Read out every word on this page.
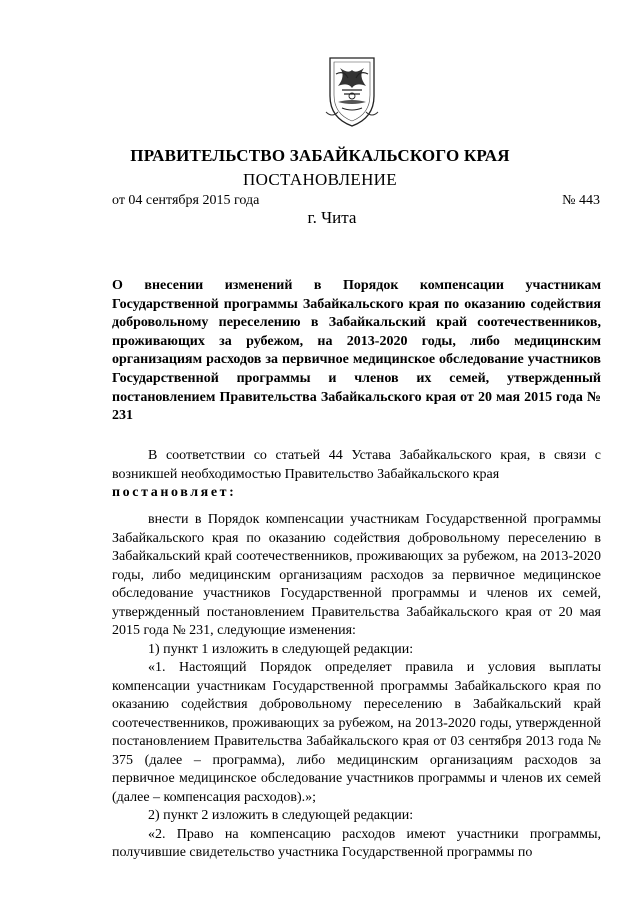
ПРАВИТЕЛЬСТВО ЗАБАЙКАЛЬСКОГО КРАЯ
ПОСТАНОВЛЕНИЕ
от 04 сентября 2015 года	№ 443
г. Чита
О внесении изменений в Порядок компенсации участникам Государственной программы Забайкальского края по оказанию содействия добровольному переселению в Забайкальский край соотечественников, проживающих за рубежом, на 2013-2020 годы, либо медицинским организациям расходов за первичное медицинское обследование участников Государственной программы и членов их семей, утвержденный постановлением Правительства Забайкальского края от 20 мая 2015 года № 231

В соответствии со статьей 44 Устава Забайкальского края, в связи с возникшей необходимостью Правительство Забайкальского края
постановляет:

внести в Порядок компенсации участникам Государственной программы Забайкальского края по оказанию содействия добровольному переселению в Забайкальский край соотечественников, проживающих за рубежом, на 2013-2020 годы, либо медицинским организациям расходов за первичное медицинское обследование участников Государственной программы и членов их семей, утвержденный постановлением Правительства Забайкальского края от 20 мая 2015 года № 231, следующие изменения:

1) пункт 1 изложить в следующей редакции:

«1. Настоящий Порядок определяет правила и условия выплаты компенсации участникам Государственной программы Забайкальского края по оказанию содействия добровольному переселению в Забайкальский край соотечественников, проживающих за рубежом, на 2013-2020 годы, утвержденной постановлением Правительства Забайкальского края от 03 сентября 2013 года № 375 (далее – программа), либо медицинским организациям расходов за первичное медицинское обследование участников программы и членов их семей (далее – компенсация расходов).»;

2) пункт 2 изложить в следующей редакции:

«2. Право на компенсацию расходов имеют участники программы, получившие свидетельство участника Государственной программы по
